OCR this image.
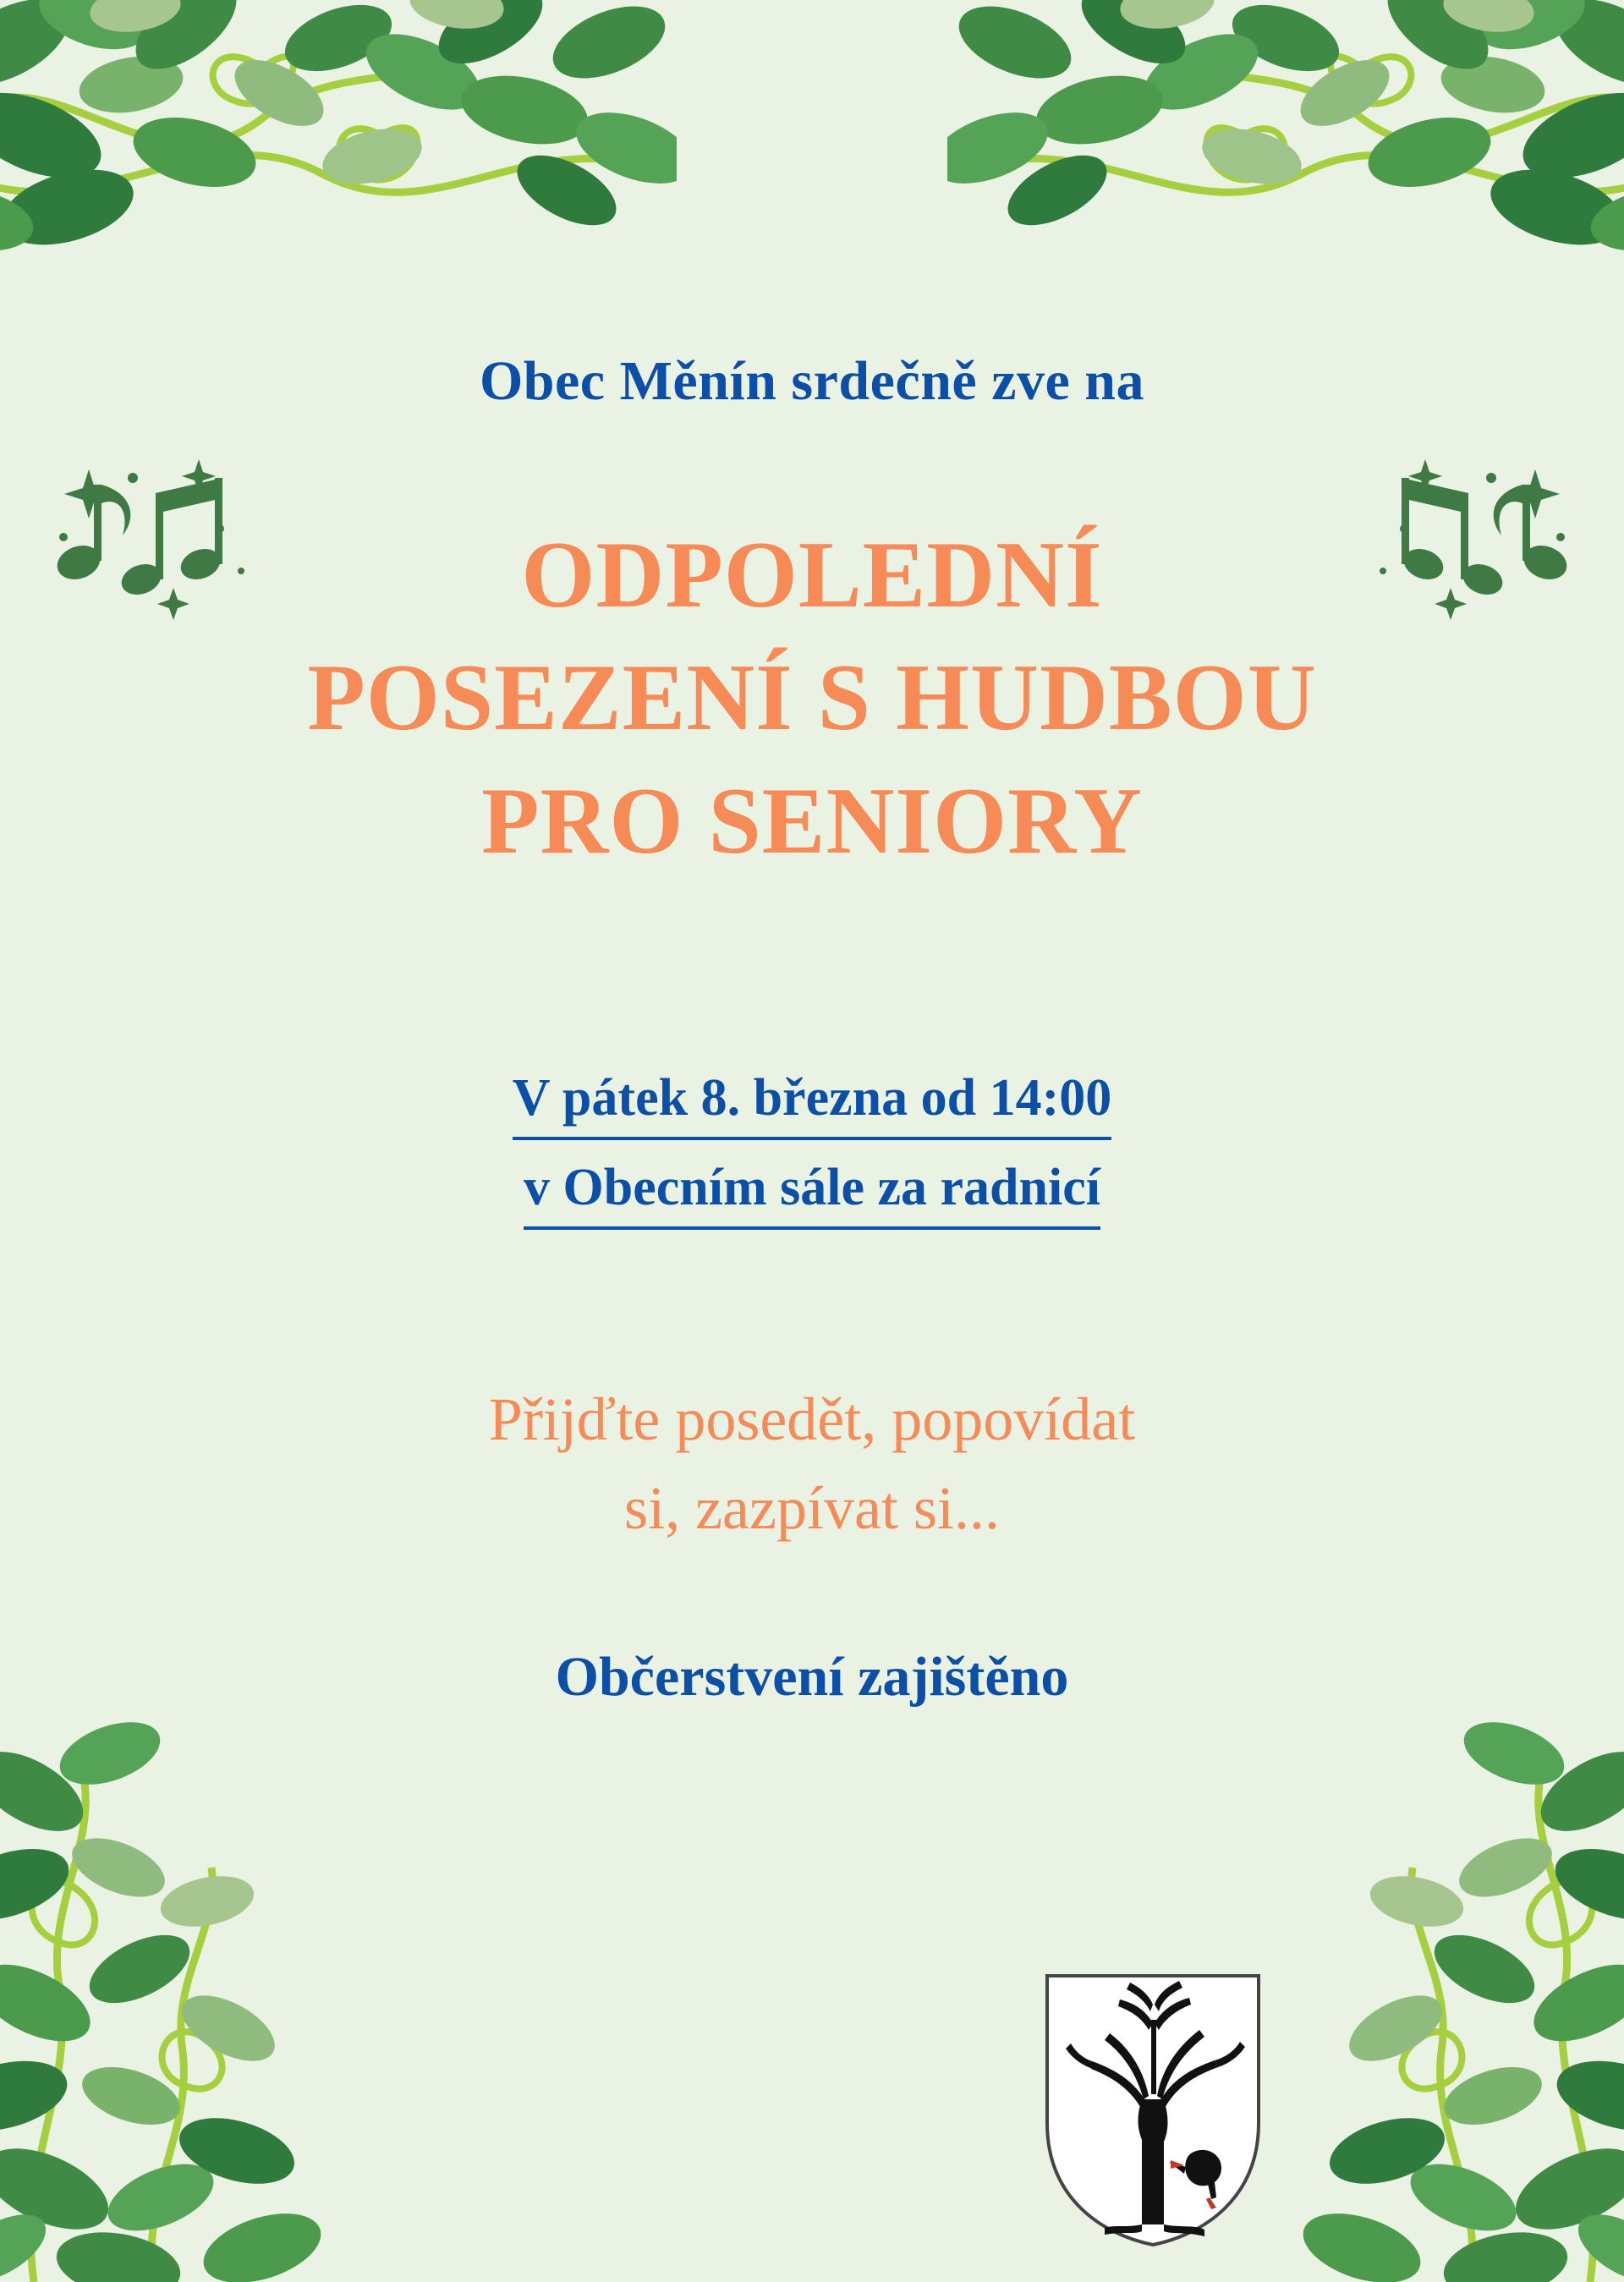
Obec Měnín srdečně zve na
ODPOLEDNÍ
POSEZENÍ S HUDBOU
PRO SENIORY
V pátek 8. března od 14:00
v Obecním sále za radnicí
Přijďte posedět, popovídat
si, zazpívat si...
Občerstvení zajištěno
